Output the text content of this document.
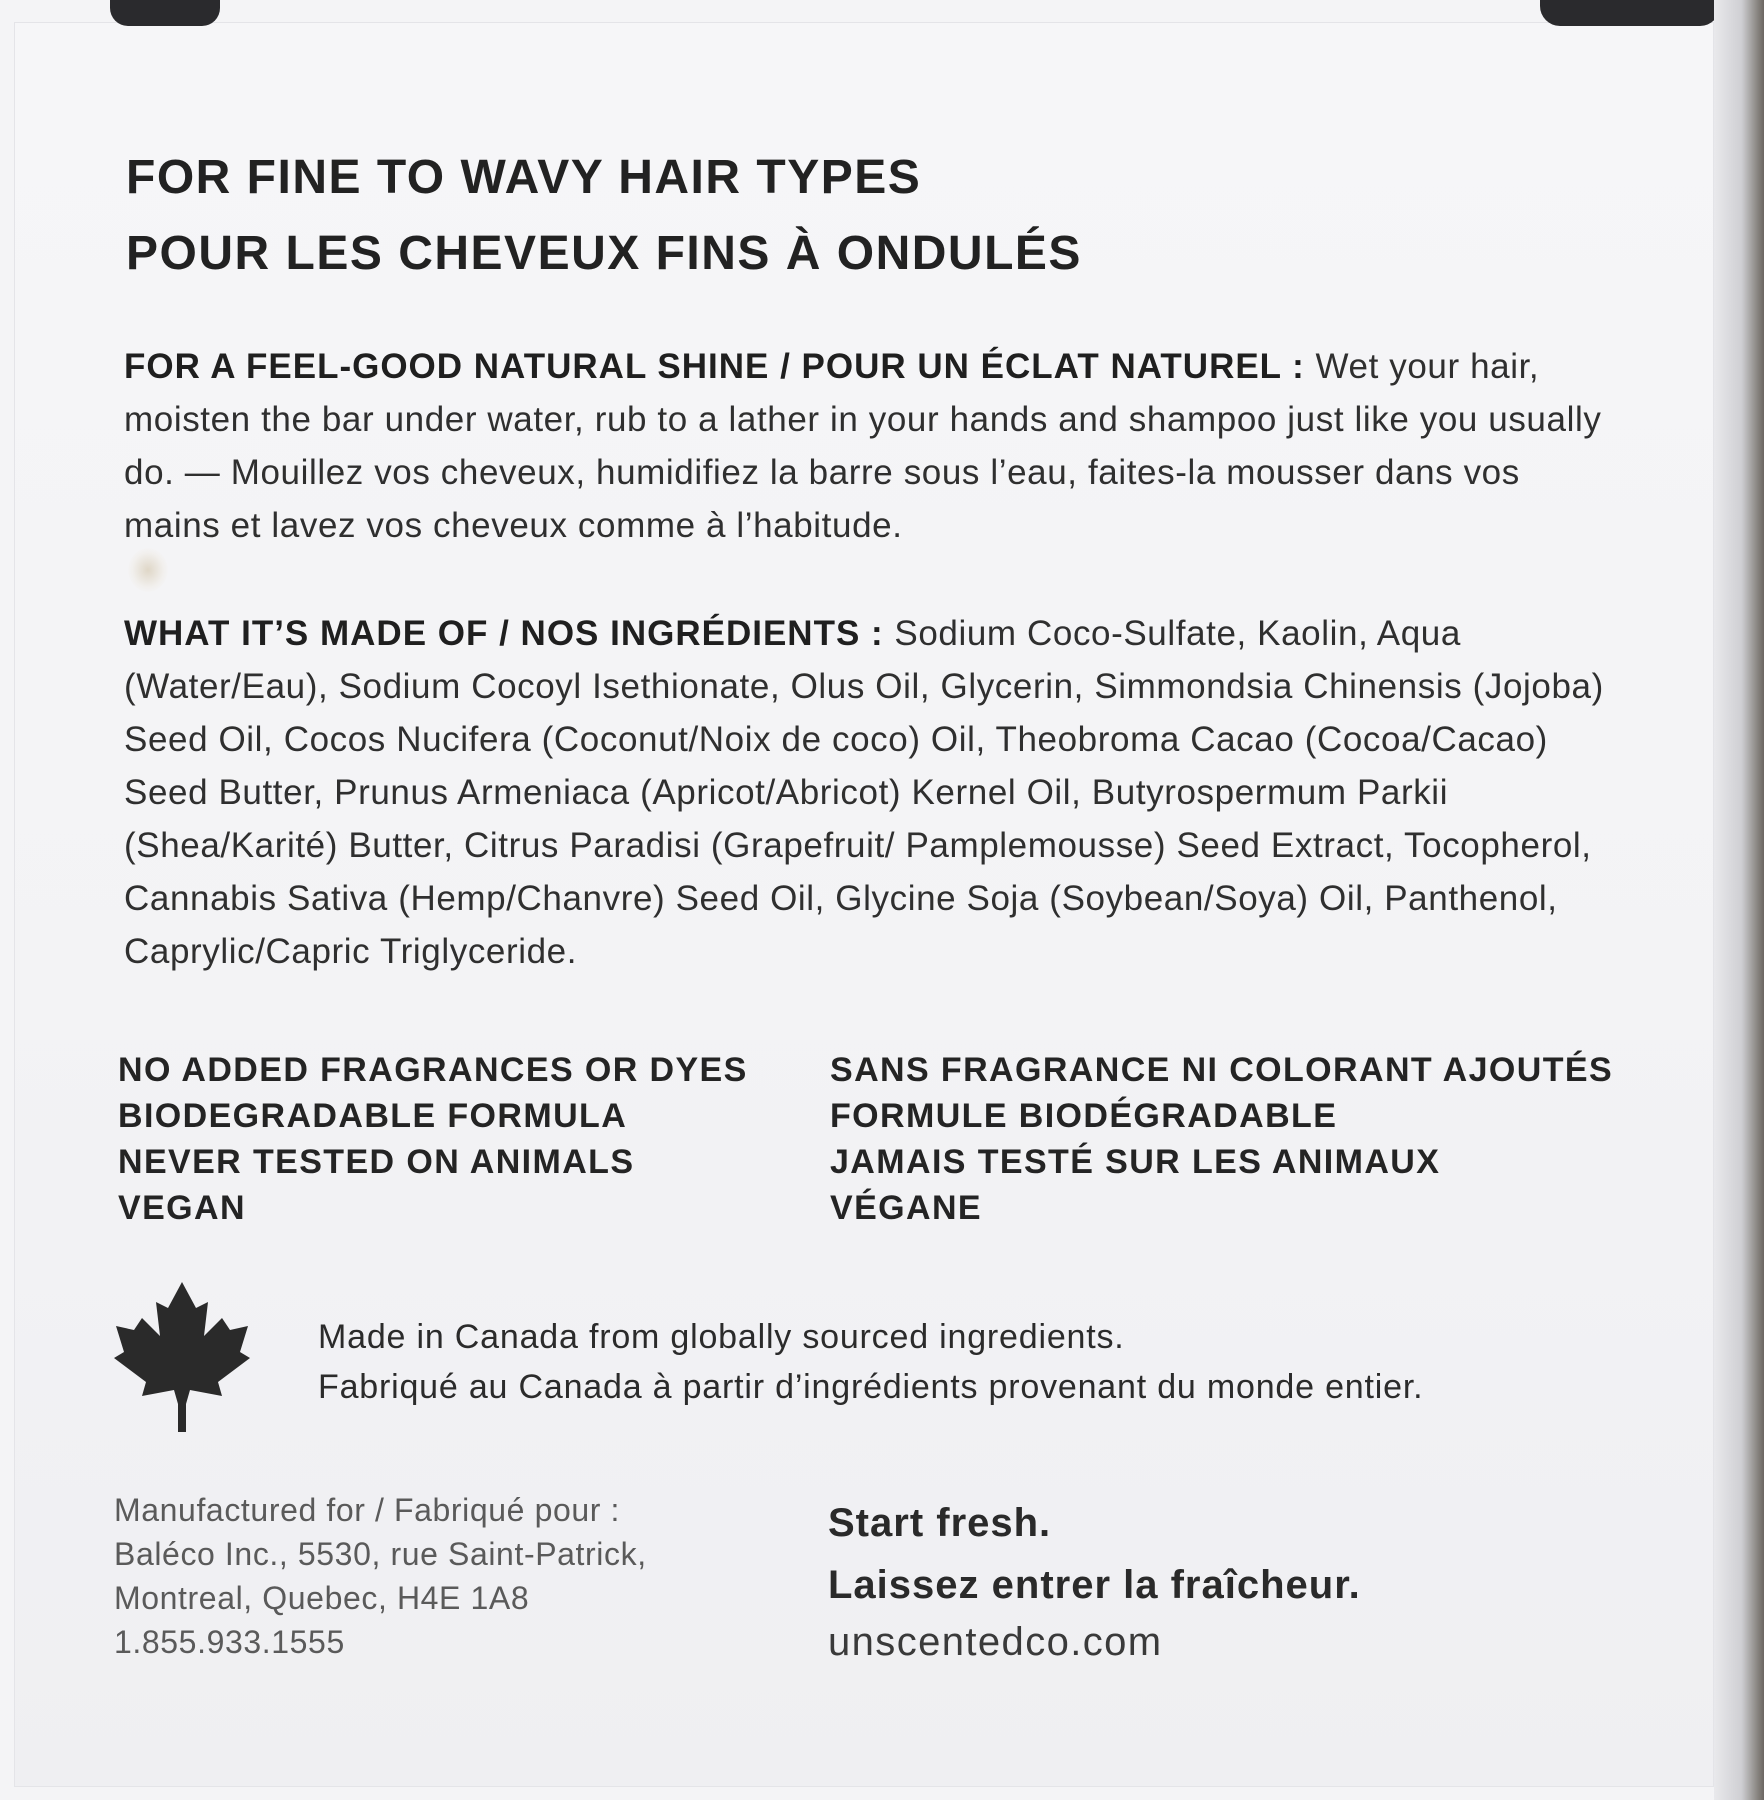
FOR FINE TO WAVY HAIR TYPES
POUR LES CHEVEUX FINS À ONDULÉS
FOR A FEEL-GOOD NATURAL SHINE / POUR UN ÉCLAT NATUREL : Wet your hair, moisten the bar under water, rub to a lather in your hands and shampoo just like you usually do. — Mouillez vos cheveux, humidifiez la barre sous l’eau, faites-la mousser dans vos mains et lavez vos cheveux comme à l’habitude.
WHAT IT’S MADE OF / NOS INGRÉDIENTS : Sodium Coco-Sulfate, Kaolin, Aqua (Water/Eau), Sodium Cocoyl Isethionate, Olus Oil, Glycerin, Simmondsia Chinensis (Jojoba) Seed Oil, Cocos Nucifera (Coconut/Noix de coco) Oil, Theobroma Cacao (Cocoa/Cacao) Seed Butter, Prunus Armeniaca (Apricot/Abricot) Kernel Oil, Butyrospermum Parkii (Shea/Karité) Butter, Citrus Paradisi (Grapefruit/ Pamplemousse) Seed Extract, Tocopherol, Cannabis Sativa (Hemp/Chanvre) Seed Oil, Glycine Soja (Soybean/Soya) Oil, Panthenol, Caprylic/Capric Triglyceride.
NO ADDED FRAGRANCES OR DYES
BIODEGRADABLE FORMULA
NEVER TESTED ON ANIMALS
VEGAN
SANS FRAGRANCE NI COLORANT AJOUTÉS
FORMULE BIODÉGRADABLE
JAMAIS TESTÉ SUR LES ANIMAUX
VÉGANE
Made in Canada from globally sourced ingredients.
Fabriqué au Canada à partir d’ingrédients provenant du monde entier.
Manufactured for / Fabriqué pour :
Baléco Inc., 5530, rue Saint-Patrick,
Montreal, Quebec, H4E 1A8
1.855.933.1555
Start fresh.
Laissez entrer la fraîcheur.
unscentedco.com
